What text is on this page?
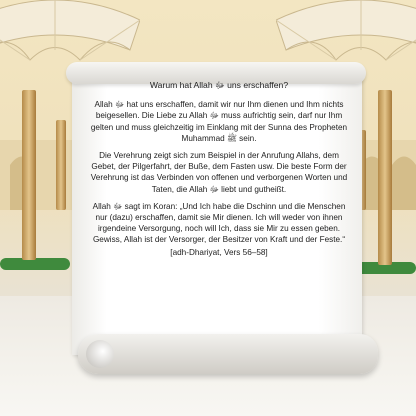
Warum hat Allah ﷻ uns erschaffen?

Allah ﷻ hat uns erschaffen, damit wir nur Ihm dienen und Ihm nichts beigesellen. Die Liebe zu Allah ﷻ muss aufrichtig sein, darf nur Ihm gelten und muss gleichzeitig im Einklang mit der Sunna des Propheten Muhammad ﷺ sein.

Die Verehrung zeigt sich zum Beispiel in der Anrufung Allahs, dem Gebet, der Pilgerfahrt, der Buße, dem Fasten usw. Die beste Form der Verehrung ist das Verbinden von offenen und verborgenen Worten und Taten, die Allah ﷻ liebt und gutheißt.

Allah ﷻ sagt im Koran: „Und Ich habe die Dschinn und die Menschen nur (dazu) erschaffen, damit sie Mir dienen. Ich will weder von ihnen irgendeine Versorgung, noch will Ich, dass sie Mir zu essen geben. Gewiss, Allah ist der Versorger, der Besitzer von Kraft und der Feste.“

[adh-Dhariyat, Vers 56–58]
